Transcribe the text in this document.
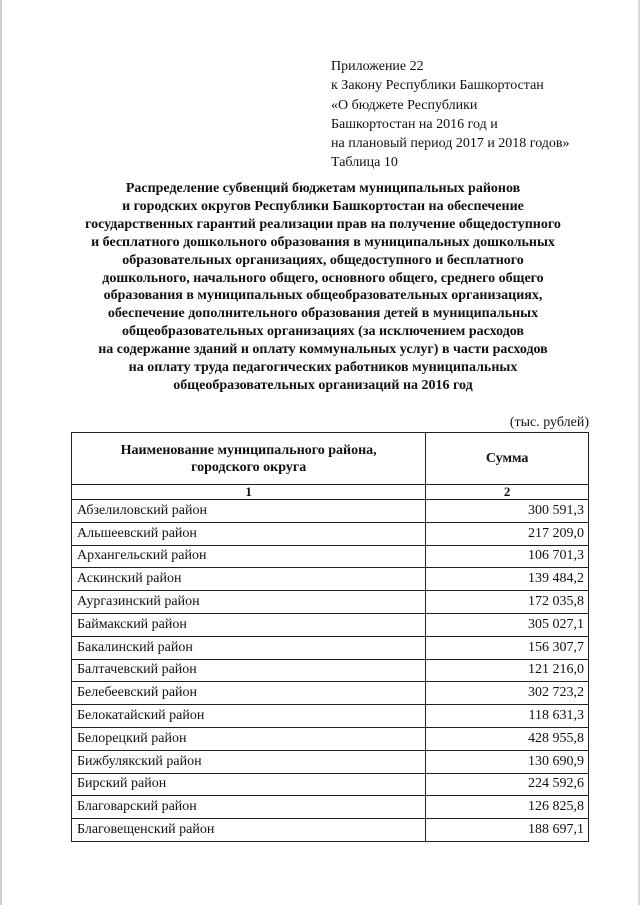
Приложение 22
к Закону Республики Башкортостан
«О бюджете Республики
Башкортостан на 2016 год и
на плановый период 2017 и 2018 годов»
Таблица 10
Распределение субвенций бюджетам муниципальных районов
и городских округов Республики Башкортостан на обеспечение
государственных гарантий реализации прав на получение общедоступного
и бесплатного дошкольного образования в муниципальных дошкольных
образовательных организациях, общедоступного и бесплатного
дошкольного, начального общего, основного общего, среднего общего
образования в муниципальных общеобразовательных организациях,
обеспечение дополнительного образования детей в муниципальных
общеобразовательных организациях (за исключением расходов
на содержание зданий и оплату коммунальных услуг) в части расходов
на оплату труда педагогических работников муниципальных
общеобразовательных организаций на 2016 год
(тыс. рублей)
Наименование муниципального района,
городского округа	Сумма
1	2
Абзелиловский район	300 591,3
Альшеевский район	217 209,0
Архангельский район	106 701,3
Аскинский район	139 484,2
Аургазинский район	172 035,8
Баймакский район	305 027,1
Бакалинский район	156 307,7
Балтачевский район	121 216,0
Белебеевский район	302 723,2
Белокатайский район	118 631,3
Белорецкий район	428 955,8
Бижбулякский район	130 690,9
Бирский район	224 592,6
Благоварский район	126 825,8
Благовещенский район	188 697,1
